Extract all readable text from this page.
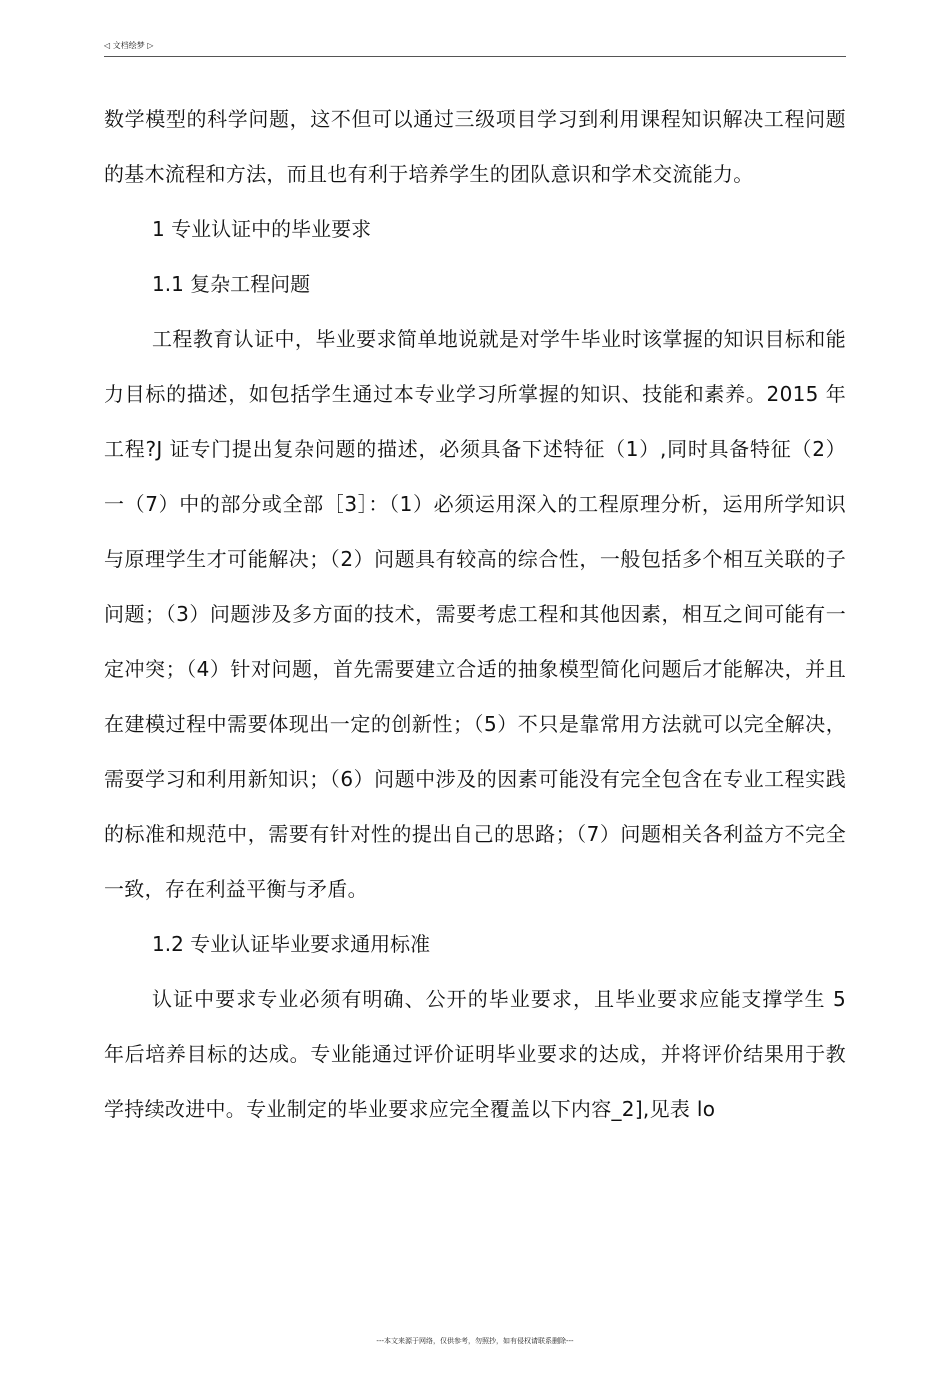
◁ 文档绘梦 ▷

数学模型的科学问题，这不但可以通过三级项目学习到利用课程知识解决工程问题的基木流程和方法，而且也有利于培养学生的团队意识和学术交流能力。

1 专业认证中的毕业要求

1.1 复杂工程问题

工程教育认证中，毕业要求简单地说就是对学牛毕业时该掌握的知识目标和能力目标的描述，如包括学生通过本专业学习所掌握的知识、技能和素养。2015 年工程?J 证专门提出复杂问题的描述，必须具备下述特征（1）,同时具备特征（2）一（7）中的部分或全部［3］：（1）必须运用深入的工程原理分析，运用所学知识与原理学生才可能解决；（2）问题具有较高的综合性，一般包括多个相互关联的子问题；（3）问题涉及多方面的技术，需要考虑工程和其他因素，相互之间可能有一定冲突；（4）针对问题，首先需要建立合适的抽象模型简化问题后才能解决，并且在建模过程中需要体现出一定的创新性；（5）不只是靠常用方法就可以完全解决，需耍学习和利用新知识；（6）问题中涉及的因素可能没有完全包含在专业工程实践的标准和规范中，需要有针对性的提出自己的思路；（7）问题相关各利益方不完全一致，存在利益平衡与矛盾。

1.2 专业认证毕业要求通用标准

认证中要求专业必须有明确、公开的毕业要求，且毕业要求应能支撑学生 5 年后培养目标的达成。专业能通过评价证明毕业要求的达成，并将评价结果用于教学持续改进中。专业制定的毕业要求应完全覆盖以下内容_2],见表 lo

---本文来源于网络，仅供参考，勿照抄，如有侵权请联系删除---
